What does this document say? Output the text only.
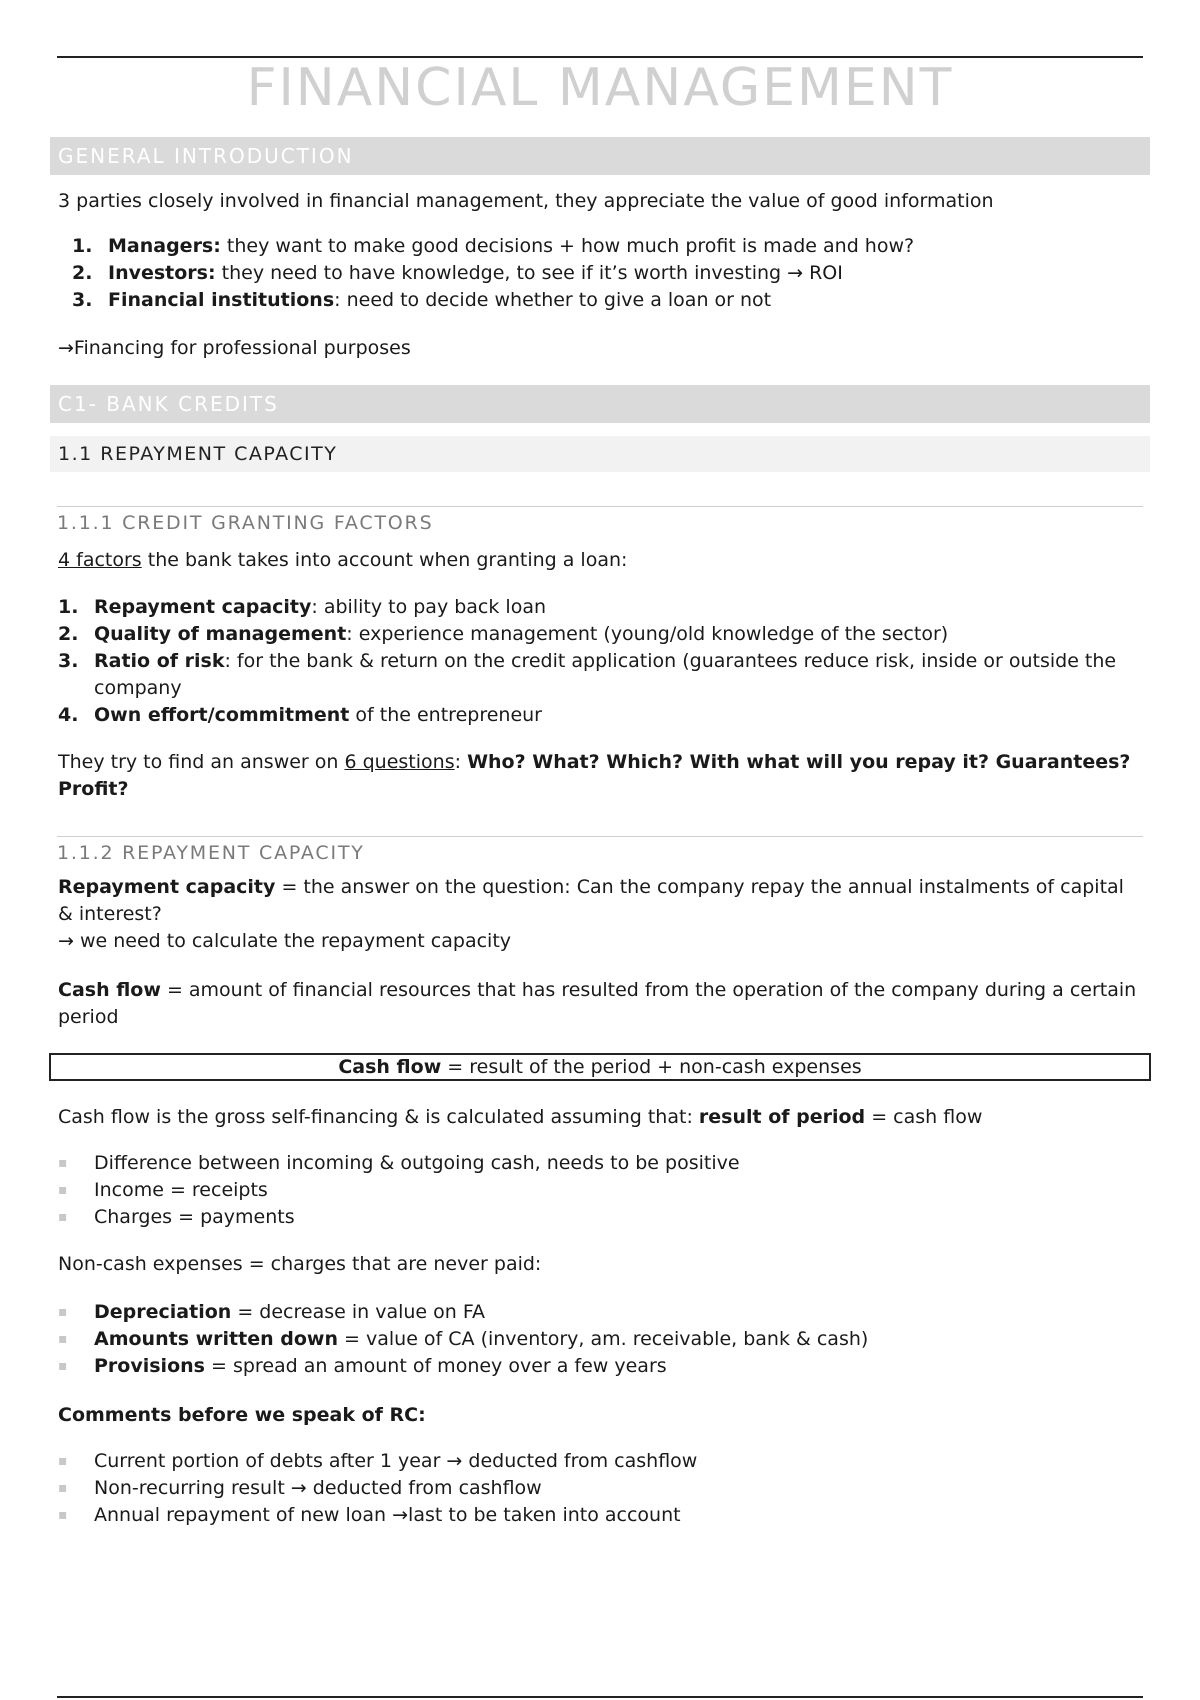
FINANCIAL MANAGEMENT
GENERAL INTRODUCTION

3 parties closely involved in financial management, they appreciate the value of good information

1. Managers: they want to make good decisions + how much profit is made and how?
2. Investors: they need to have knowledge, to see if it’s worth investing → ROI
3. Financial institutions: need to decide whether to give a loan or not

→Financing for professional purposes

C1- BANK CREDITS
1.1 REPAYMENT CAPACITY
1.1.1 CREDIT GRANTING FACTORS

4 factors the bank takes into account when granting a loan:

1. Repayment capacity: ability to pay back loan
2. Quality of management: experience management (young/old knowledge of the sector)
3. Ratio of risk: for the bank & return on the credit application (guarantees reduce risk, inside or outside the company
4. Own effort/commitment of the entrepreneur

They try to find an answer on 6 questions: Who? What? Which? With what will you repay it? Guarantees? Profit?

1.1.2 REPAYMENT CAPACITY

Repayment capacity = the answer on the question: Can the company repay the annual instalments of capital & interest?
→ we need to calculate the repayment capacity

Cash flow = amount of financial resources that has resulted from the operation of the company during a certain period

Cash flow = result of the period + non-cash expenses

Cash flow is the gross self-financing & is calculated assuming that: result of period = cash flow

▪ Difference between incoming & outgoing cash, needs to be positive
▪ Income = receipts
▪ Charges = payments

Non-cash expenses = charges that are never paid:

▪ Depreciation = decrease in value on FA
▪ Amounts written down = value of CA (inventory, am. receivable, bank & cash)
▪ Provisions = spread an amount of money over a few years

Comments before we speak of RC:

▪ Current portion of debts after 1 year → deducted from cashflow
▪ Non-recurring result → deducted from cashflow
▪ Annual repayment of new loan →last to be taken into account
